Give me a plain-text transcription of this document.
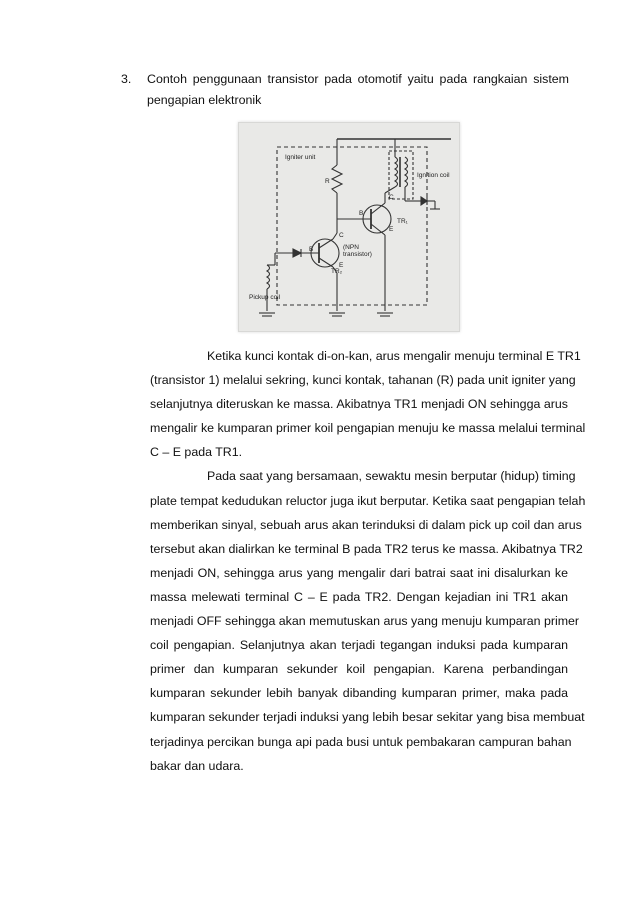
3. Contoh penggunaan transistor pada otomotif yaitu pada rangkaian sistem
pengapian elektronik
Igniter unit
Ignition coil
R
(NPN
transistor)
TR₂
TR₁
Pickup coil
B
C
E
B
C
E
Ketika kunci kontak di-on-kan, arus mengalir menuju terminal E TR1
(transistor 1) melalui sekring, kunci kontak, tahanan (R) pada unit igniter yang
selanjutnya diteruskan ke massa. Akibatnya TR1 menjadi ON sehingga arus
mengalir ke kumparan primer koil pengapian menuju ke massa melalui terminal
C – E pada TR1.
Pada saat yang bersamaan, sewaktu mesin berputar (hidup) timing
plate tempat kedudukan reluctor juga ikut berputar. Ketika saat pengapian telah
memberikan sinyal, sebuah arus akan terinduksi di dalam pick up coil dan arus
tersebut akan dialirkan ke terminal B pada TR2 terus ke massa. Akibatnya TR2
menjadi ON, sehingga arus yang mengalir dari batrai saat ini disalurkan ke
massa melewati terminal C – E pada TR2. Dengan kejadian ini TR1 akan
menjadi OFF sehingga akan memutuskan arus yang menuju kumparan primer
coil pengapian. Selanjutnya akan terjadi tegangan induksi pada kumparan
primer dan kumparan sekunder koil pengapian. Karena perbandingan
kumparan sekunder lebih banyak dibanding kumparan primer, maka pada
kumparan sekunder terjadi induksi yang lebih besar sekitar yang bisa membuat
terjadinya percikan bunga api pada busi untuk pembakaran campuran bahan
bakar dan udara.
